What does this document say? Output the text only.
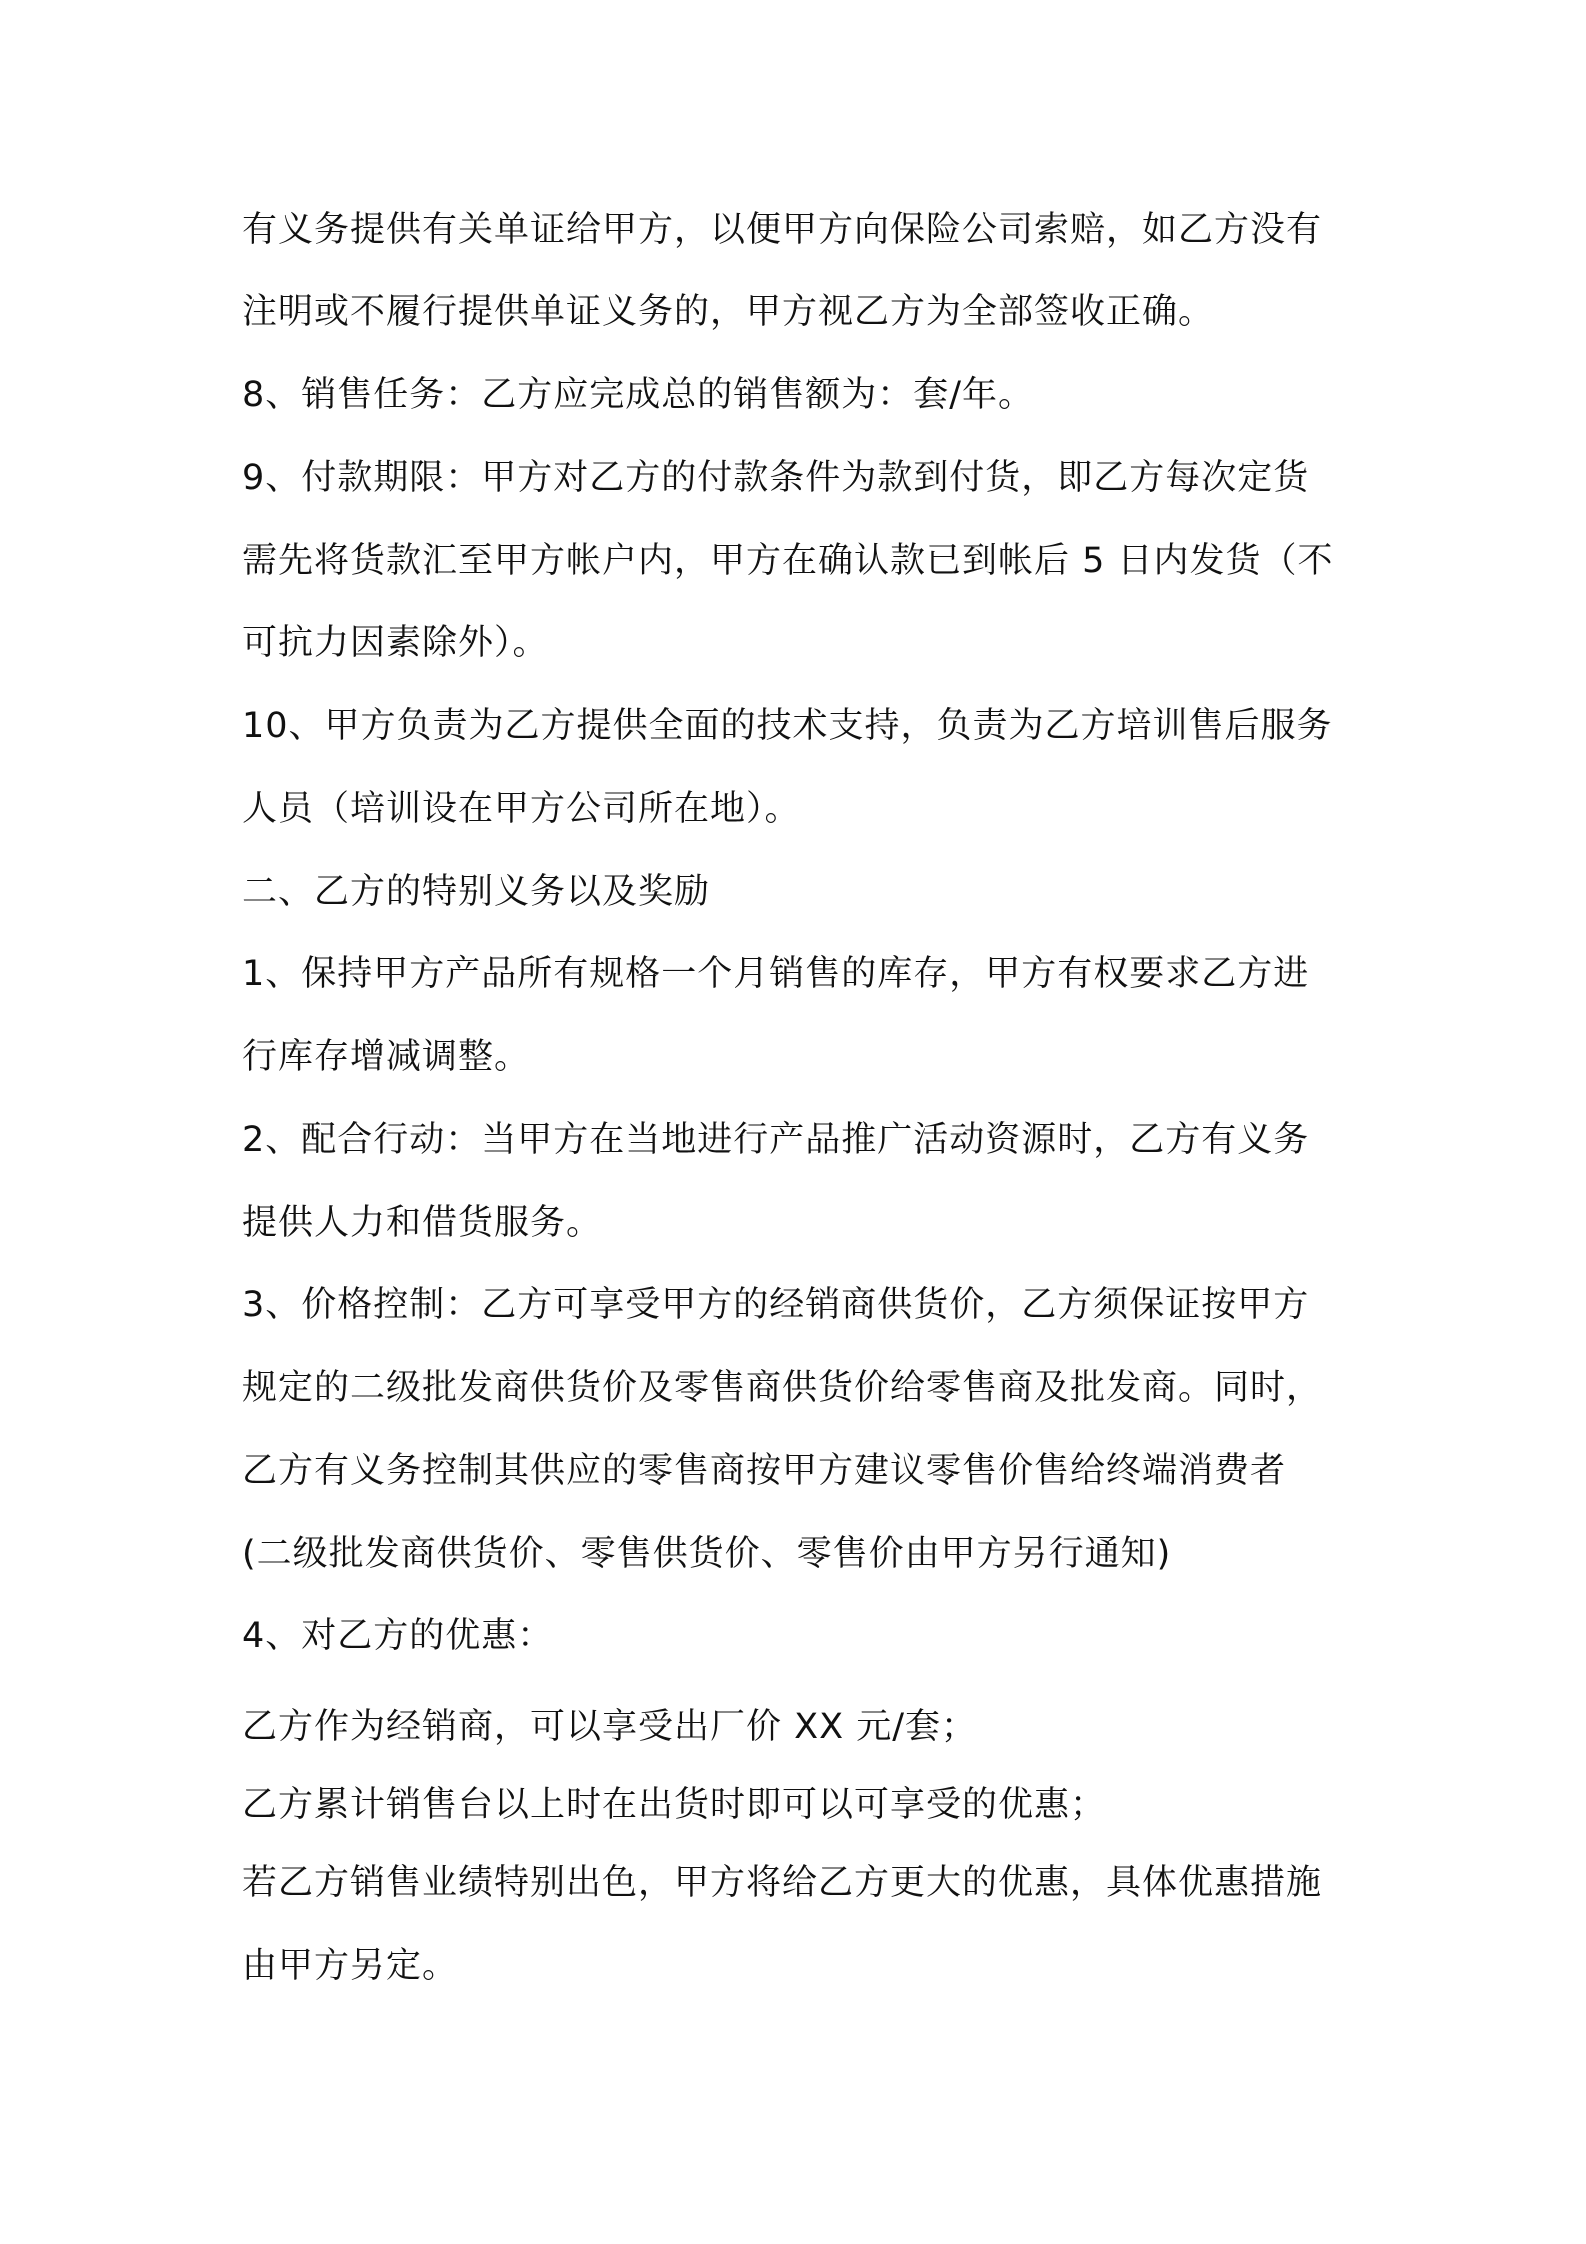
有义务提供有关单证给甲方，以便甲方向保险公司索赔，如乙方没有
注明或不履行提供单证义务的，甲方视乙方为全部签收正确。
8、销售任务：乙方应完成总的销售额为：套/年。
9、付款期限：甲方对乙方的付款条件为款到付货，即乙方每次定货
需先将货款汇至甲方帐户内，甲方在确认款已到帐后 5 日内发货（不
可抗力因素除外）。
10、甲方负责为乙方提供全面的技术支持，负责为乙方培训售后服务
人员（培训设在甲方公司所在地）。
二、乙方的特别义务以及奖励
1、保持甲方产品所有规格一个月销售的库存，甲方有权要求乙方进
行库存增减调整。
2、配合行动：当甲方在当地进行产品推广活动资源时，乙方有义务
提供人力和借货服务。
3、价格控制：乙方可享受甲方的经销商供货价，乙方须保证按甲方
规定的二级批发商供货价及零售商供货价给零售商及批发商。同时，
乙方有义务控制其供应的零售商按甲方建议零售价售给终端消费者
(二级批发商供货价、零售供货价、零售价由甲方另行通知)
4、对乙方的优惠：
乙方作为经销商，可以享受出厂价 XX 元/套；
乙方累计销售台以上时在出货时即可以可享受的优惠；
若乙方销售业绩特别出色，甲方将给乙方更大的优惠，具体优惠措施
由甲方另定。
